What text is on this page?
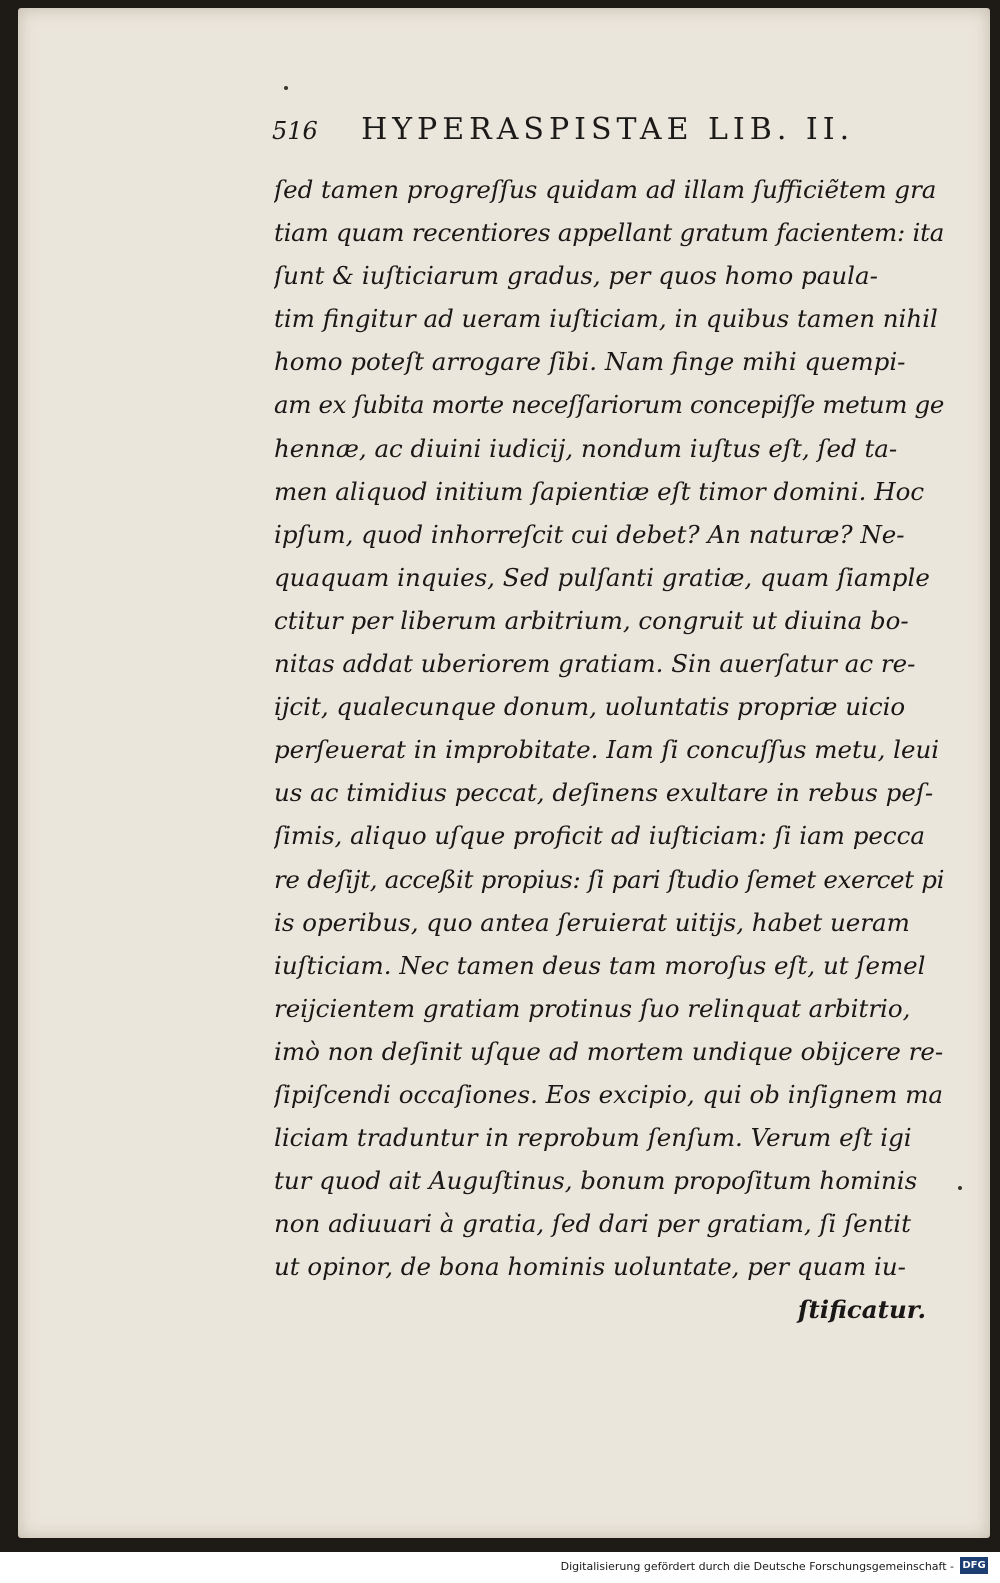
516 HYPERASPISTAE LIB. II.
ſed tamen progreſſus quidam ad illam ſufficiẽtem gra
tiam quam recentiores appellant gratum facientem: ita
ſunt & iuſticiarum gradus, per quos homo paula-
tim fingitur ad ueram iuſticiam, in quibus tamen nihil
homo poteſt arrogare ſibi. Nam finge mihi quempi-
am ex ſubita morte neceſſariorum concepiſſe metum ge
hennæ, ac diuini iudicij, nondum iuſtus eſt, ſed ta-
men aliquod initium ſapientiæ eſt timor domini. Hoc
ipſum, quod inhorreſcit cui debet? An naturæ? Ne-
quaquam inquies, Sed pulſanti gratiæ, quam ſiample
ctitur per liberum arbitrium, congruit ut diuina bo-
nitas addat uberiorem gratiam. Sin auerſatur ac re-
ijcit, qualecunque donum, uoluntatis propriæ uicio
perſeuerat in improbitate. Iam ſi concuſſus metu, leui
us ac timidius peccat, deſinens exultare in rebus peſ-
ſimis, aliquo uſque proficit ad iuſticiam: ſi iam pecca
re deſijt, acceßit propius: ſi pari ſtudio ſemet exercet pi
is operibus, quo antea ſeruierat uitijs, habet ueram
iuſticiam. Nec tamen deus tam moroſus eſt, ut ſemel
reijcientem gratiam protinus ſuo relinquat arbitrio,
imò non deſinit uſque ad mortem undique obijcere re-
ſipiſcendi occaſiones. Eos excipio, qui ob inſignem ma
liciam traduntur in reprobum ſenſum. Verum eſt igi
tur quod ait Auguſtinus, bonum propoſitum hominis
non adiuuari à gratia, ſed dari per gratiam, ſi ſentit
ut opinor, de bona hominis uoluntate, per quam iu-
ſtificatur.
Digitalisierung gefördert durch die Deutsche Forschungsgemeinschaft - DFG
